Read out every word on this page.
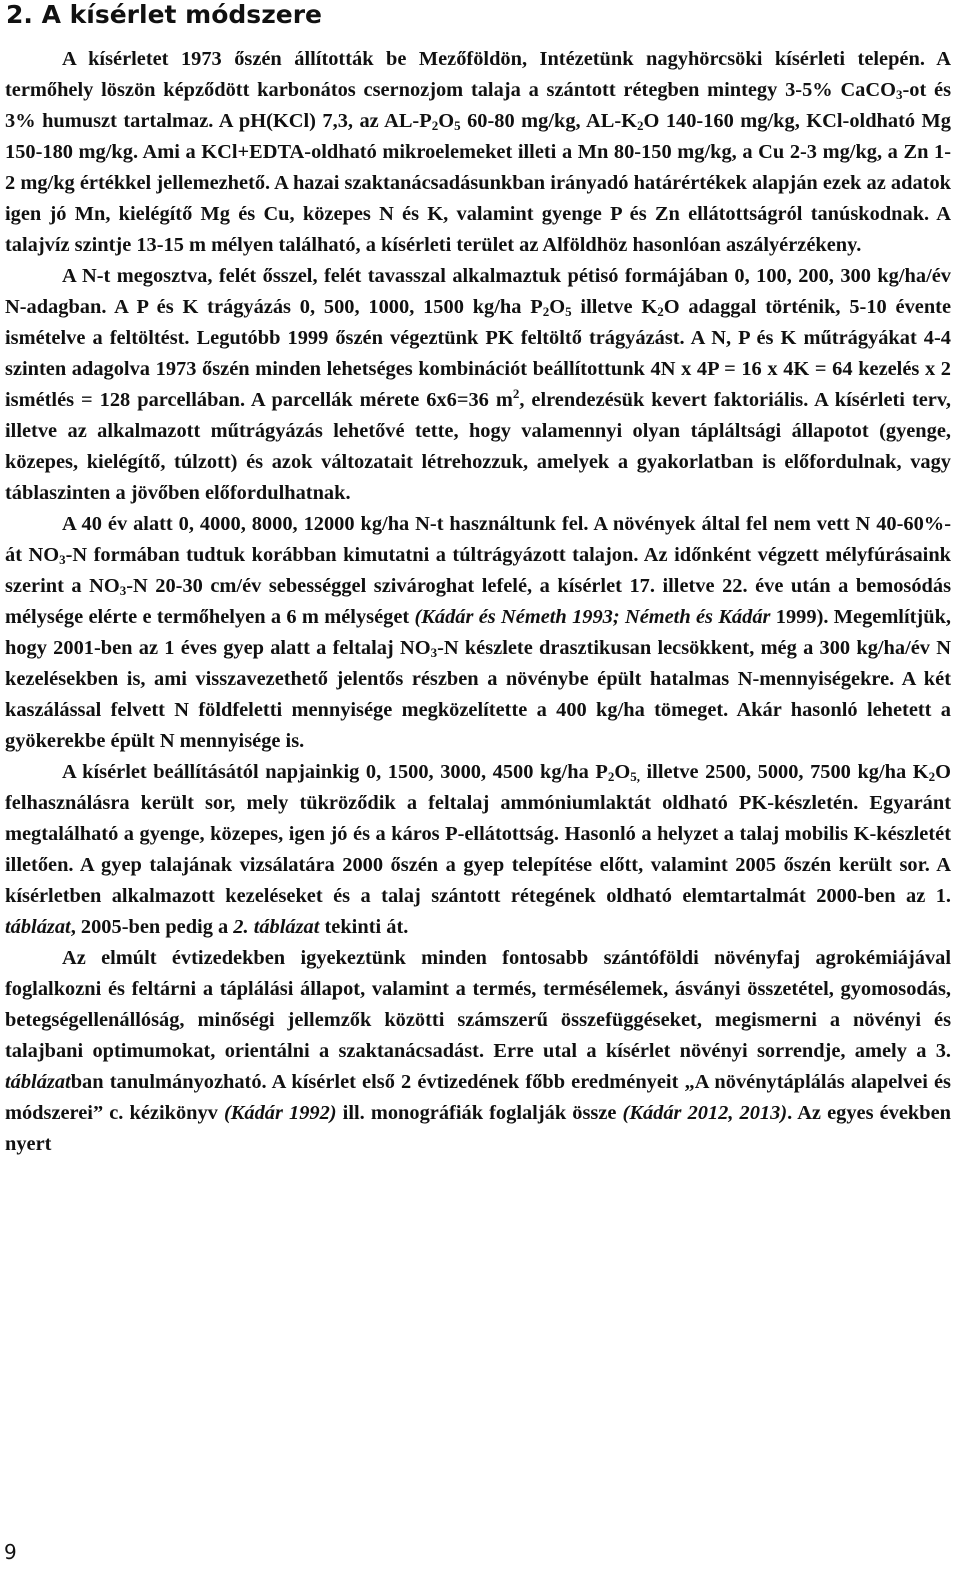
2. A kísérlet módszere

A kísérletet 1973 őszén állították be Mezőföldön, Intézetünk nagyhörcsöki kísérleti telepén. A termőhely löszön képződött karbonátos csernozjom talaja a szántott rétegben mintegy 3-5% CaCO$_3$-ot és 3% humuszt tartalmaz. A pH(KCl) 7,3, az $AL-P_2O_5$ 60-80 mg/kg, $AL-K_2O$ 140-160 mg/kg, KCl-oldható Mg 150-180 mg/kg. Ami a KCl+EDTA-oldható mikroelemeket illeti a Mn 80-150 mg/kg, a Cu 2-3 mg/kg, a Zn 1-2 mg/kg értékkel jellemezhető. A hazai szaktanácsadásunkban irányadó határértékek alapján ezek az adatok igen jó Mn, kielégítő Mg és Cu, közepes N és K, valamint gyenge P és Zn ellátottságról tanúskodnak. A talajvíz szintje 13-15 m mélyen található, a kísérleti terület az Alföldhöz hasonlóan aszályérzékeny.

A N-t megosztva, felét ősszel, felét tavasszal alkalmaztuk pétisó formájában 0, 100, 200, 300 kg/ha/év N-adagban. A P és K trágyázás 0, 500, 1000, 1500 kg/ha $P_2O_5$ illetve $K_2O$ adaggal történik, 5-10 évente ismételve a feltöltést. Legutóbb 1999 őszén végeztünk PK feltöltő trágyázást. A N, P és K műtrágyákat 4-4 szinten adagolva 1973 őszén minden lehetséges kombinációt beállítottunk 4N x 4P = 16 x 4K = 64 kezelés x 2 ismétlés = 128 parcellában. A parcellák mérete 6x6=36 $m^2$, elrendezésük kevert faktoriális. A kísérleti terv, illetve az alkalmazott műtrágyázás lehetővé tette, hogy valamennyi olyan tápláltsági állapotot (gyenge, közepes, kielégítő, túlzott) és azok változatait létrehozzuk, amelyek a gyakorlatban is előfordulnak, vagy táblaszinten a jövőben előfordulhatnak.

A 40 év alatt 0, 4000, 8000, 12000 kg/ha N-t használtunk fel. A növények által fel nem vett N 40-60%-át $NO_3-N$ formában tudtuk korábban kimutatni a túltrágyázott talajon. Az időnként végzett mélyfúrásaink szerint a $NO_3-N$ 20-30 cm/év sebességgel szivároghat lefelé, a kísérlet 17. illetve 22. éve után a bemosódás mélysége elérte e termőhelyen a 6 m mélységet (Kádár és Németh 1993; Németh és Kádár 1999). Megemlítjük, hogy 2001-ben az 1 éves gyep alatt a feltalaj $NO_3-N$ készlete drasztikusan lecsökkent, még a 300 kg/ha/év N kezelésekben is, ami visszavezethető jelentős részben a növénybe épült hatalmas N-mennyiségekre. A két kaszálással felvett N földfeletti mennyisége megközelítette a 400 kg/ha tömeget. Akár hasonló lehetett a gyökerekbe épült N mennyisége is.

A kísérlet beállításától napjainkig 0, 1500, 3000, 4500 kg/ha $P_2O_{5,}$ illetve 2500, 5000, 7500 kg/ha $K_2O$ felhasználásra került sor, mely tükröződik a feltalaj ammóniumlaktát oldható PK-készletén. Egyaránt megtalálható a gyenge, közepes, igen jó és a káros P-ellátottság. Hasonló a helyzet a talaj mobilis K-készletét illetően. A gyep talajának vizsálatára 2000 őszén a gyep telepítése előtt, valamint 2005 őszén került sor. A kísérletben alkalmazott kezeléseket és a talaj szántott rétegének oldható elemtartalmát 2000-ben az 1. táblázat, 2005-ben pedig a 2. táblázat tekinti át.

Az elmúlt évtizedekben igyekeztünk minden fontosabb szántóföldi növényfaj agrokémiájával foglalkozni és feltárni a táplálási állapot, valamint a termés, termésélemek, ásványi összetétel, gyomosodás, betegségellenállóság, minőségi jellemzők közötti számszerű összefüggéseket, megismerni a növényi és talajbani optimumokat, orientálni a szaktanácsadást. Erre utal a kísérlet növényi sorrendje, amely a 3. táblázatban tanulmányozható. A kísérlet első 2 évtizedének főbb eredményeit „A növénytáplálás alapelvei és módszerei” c. kézikönyv (Kádár 1992) ill. monográfiák foglalják össze (Kádár 2012, 2013). Az egyes években nyert

9
